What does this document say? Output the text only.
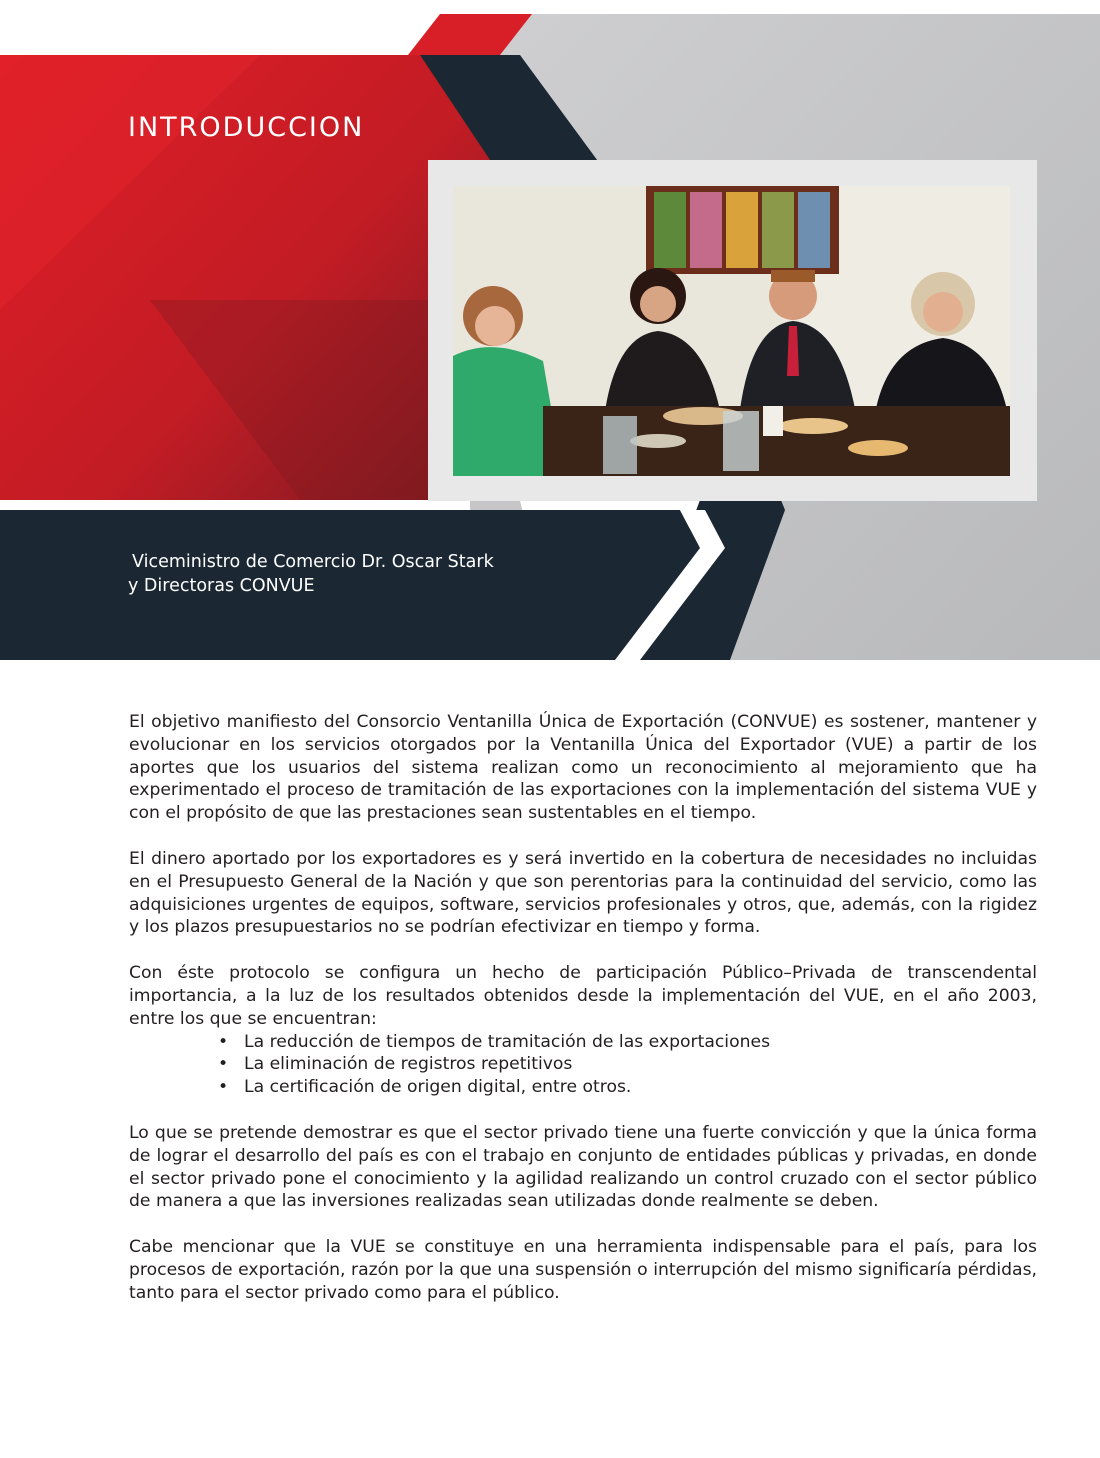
INTRODUCCION
Viceministro de Comercio Dr. Oscar Stark
y Directoras CONVUE

El objetivo manifiesto del Consorcio Ventanilla Única de Exportación (CONVUE) es sostener, mantener y evolucionar en los servicios otorgados por la Ventanilla Única del Exportador (VUE) a partir de los aportes que los usuarios del sistema realizan como un reconocimiento al mejoramiento que ha experimentado el proceso de tramitación de las exportaciones con la implementación del sistema VUE y con el propósito de que las prestaciones sean sustentables en el tiempo.

El dinero aportado por los exportadores es y será invertido en la cobertura de necesidades no incluidas en el Presupuesto General de la Nación y que son perentorias para la continuidad del servicio, como las adquisiciones urgentes de equipos, software, servicios profesionales y otros, que, además, con la rigidez y los plazos presupuestarios no se podrían efectivizar en tiempo y forma.

Con éste protocolo se configura un hecho de participación Público–Privada de transcendental importancia, a la luz de los resultados obtenidos desde la implementación del VUE, en el año 2003, entre los que se encuentran:

• La reducción de tiempos de tramitación de las exportaciones
• La eliminación de registros repetitivos
• La certificación de origen digital, entre otros.

Lo que se pretende demostrar es que el sector privado tiene una fuerte convicción y que la única forma de lograr el desarrollo del país es con el trabajo en conjunto de entidades públicas y privadas, en donde el sector privado pone el conocimiento y la agilidad realizando un control cruzado con el sector público de manera a que las inversiones realizadas sean utilizadas donde realmente se deben.

Cabe mencionar que la VUE se constituye en una herramienta indispensable para el país, para los procesos de exportación, razón por la que una suspensión o interrupción del mismo significaría pérdidas, tanto para el sector privado como para el público.
